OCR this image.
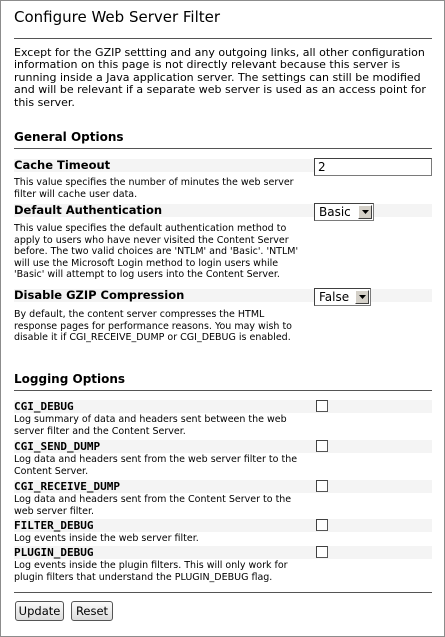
Configure Web Server Filter
Except for the GZIP settting and any outgoing links, all other configuration information on this page is not directly relevant because this server is running inside a Java application server. The settings can still be modified and will be relevant if a separate web server is used as an access point for this server.
General Options
Cache Timeout	2
This value specifies the number of minutes the web server filter will cache user data.
Default Authentication	Basic
This value specifies the default authentication method to apply to users who have never visited the Content Server before. The two valid choices are 'NTLM' and 'Basic'. 'NTLM' will use the Microsoft Login method to login users while 'Basic' will attempt to log users into the Content Server.
Disable GZIP Compression	False
By default, the content server compresses the HTML response pages for performance reasons. You may wish to disable it if CGI_RECEIVE_DUMP or CGI_DEBUG is enabled.
Logging Options
CGI_DEBUG
Log summary of data and headers sent between the web server filter and the Content Server.
CGI_SEND_DUMP
Log data and headers sent from the web server filter to the Content Server.
CGI_RECEIVE_DUMP
Log data and headers sent from the Content Server to the web server filter.
FILTER_DEBUG
Log events inside the web server filter.
PLUGIN_DEBUG
Log events inside the plugin filters. This will only work for plugin filters that understand the PLUGIN_DEBUG flag.
Update	Reset
